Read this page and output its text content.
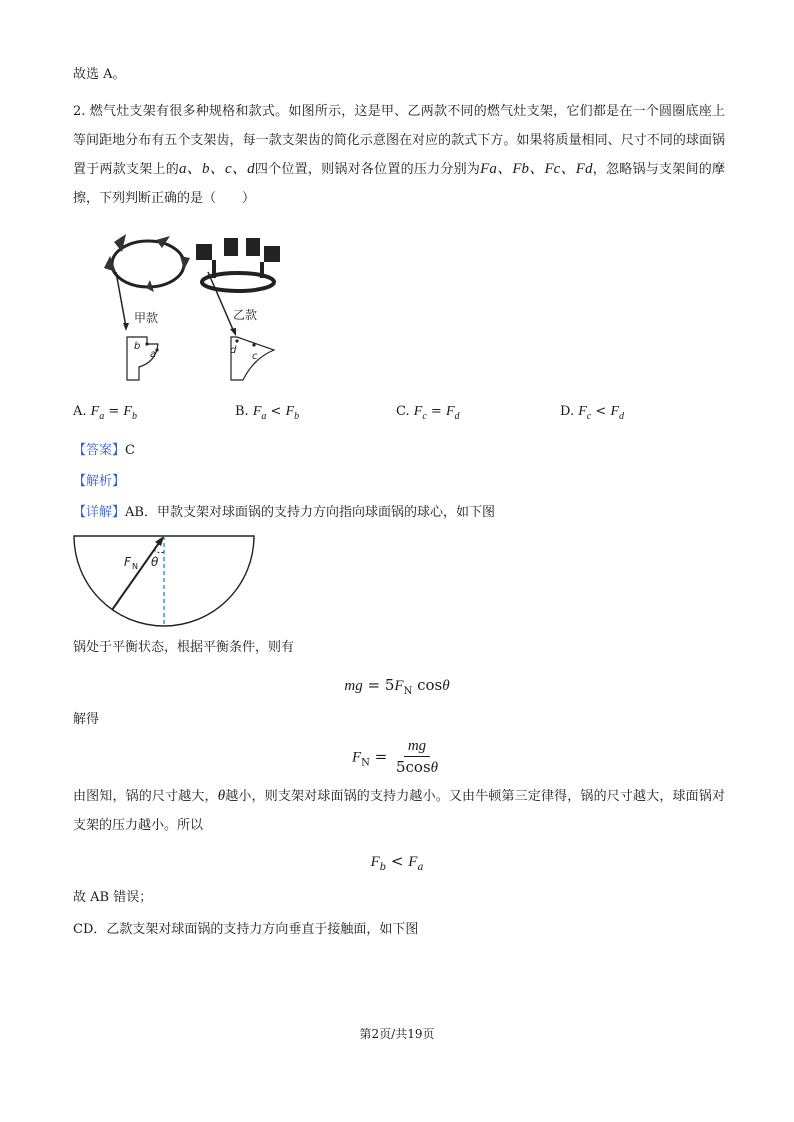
故选 A。
2. 燃气灶支架有很多种规格和款式。如图所示，这是甲、乙两款不同的燃气灶支架，它们都是在一个圆圈底座上等间距地分布有五个支架齿，每一款支架齿的简化示意图在对应的款式下方。如果将质量相同、尺寸不同的球面锅置于两款支架上的a、b、c、d四个位置，则锅对各位置的压力分别为Fa、Fb、Fc、Fd，忽略锅与支架间的摩擦，下列判断正确的是（　　）
甲款
b
a
乙款
d
c
A. $F_a = F_b$	B. $F_a < F_b$	C. $F_c = F_d$	D. $F_c < F_d$
【答案】C
【解析】
【详解】AB．甲款支架对球面锅的支持力方向指向球面锅的球心，如下图
F N θ
锅处于平衡状态，根据平衡条件，则有
mg = $5F_N$ cosθ
解得
$F_N = \frac{mg}{5\cos\theta}$
由图知，锅的尺寸越大，θ越小，则支架对球面锅的支持力越小。又由牛顿第三定律得，锅的尺寸越大，球面锅对支架的压力越小。所以
$F_b < F_a$
故 AB 错误；
CD．乙款支架对球面锅的支持力方向垂直于接触面，如下图
第2页/共19页
